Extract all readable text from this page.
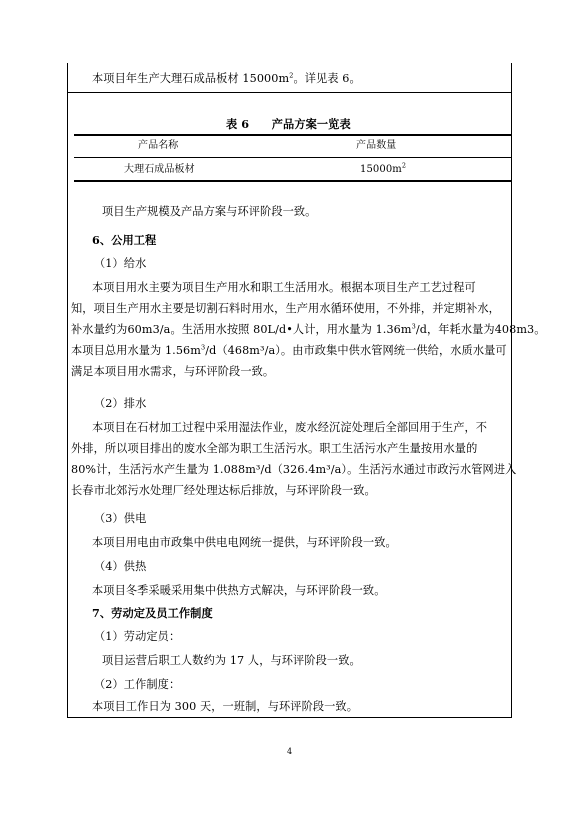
本项目年生产大理石成品板材 $15000m^2$。详见表 6。
表 6　　产品方案一览表
产品名称	产品数量
大理石成品板材	$15000m^2$
项目生产规模及产品方案与环评阶段一致。
6、公用工程
（1）给水
本项目用水主要为项目生产用水和职工生活用水。根据本项目生产工艺过程可
知，项目生产用水主要是切割石料时用水，生产用水循环使用，不外排，并定期补水，
补水量约为60m3/a。生活用水按照 80L/d•人计，用水量为 $1.36m^3/d$，年耗水量为408m3。
本项目总用水量为 $1.56m^3/d(468m^3/a)$。由市政集中供水管网统一供给，水质水量可
满足本项目用水需求，与环评阶段一致。
（2）排水
本项目在石材加工过程中采用湿法作业，废水经沉淀处理后全部回用于生产，不
外排，所以项目排出的废水全部为职工生活污水。职工生活污水产生量按用水量的
80%计，生活污水产生量为 1.088m³/d（326.4m³/a）。生活污水通过市政污水管网进入
长春市北郊污水处理厂经处理达标后排放，与环评阶段一致。
（3）供电
本项目用电由市政集中供电电网统一提供，与环评阶段一致。
（4）供热
本项目冬季采暖采用集中供热方式解决，与环评阶段一致。
7、劳动定及员工作制度
（1）劳动定员：
项目运营后职工人数约为 17 人，与环评阶段一致。
（2）工作制度：
本项目工作日为 300 天，一班制，与环评阶段一致。
4
